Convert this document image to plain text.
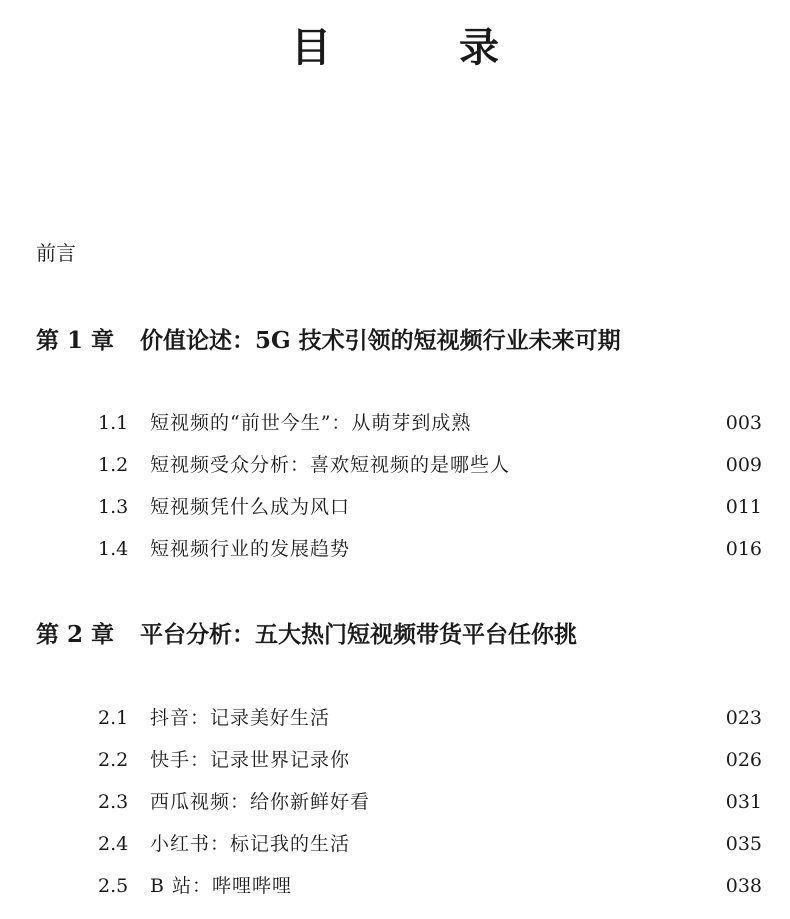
目　录
前言
第 1 章 价值论述：5G 技术引领的短视频行业未来可期
1.1 短视频的“前世今生”：从萌芽到成熟	003
1.2 短视频受众分析：喜欢短视频的是哪些人	009
1.3 短视频凭什么成为风口	011
1.4 短视频行业的发展趋势	016
第 2 章 平台分析：五大热门短视频带货平台任你挑
2.1 抖音：记录美好生活	023
2.2 快手：记录世界记录你	026
2.3 西瓜视频：给你新鲜好看	031
2.4 小红书：标记我的生活	035
2.5 B 站：哔哩哔哩	038
